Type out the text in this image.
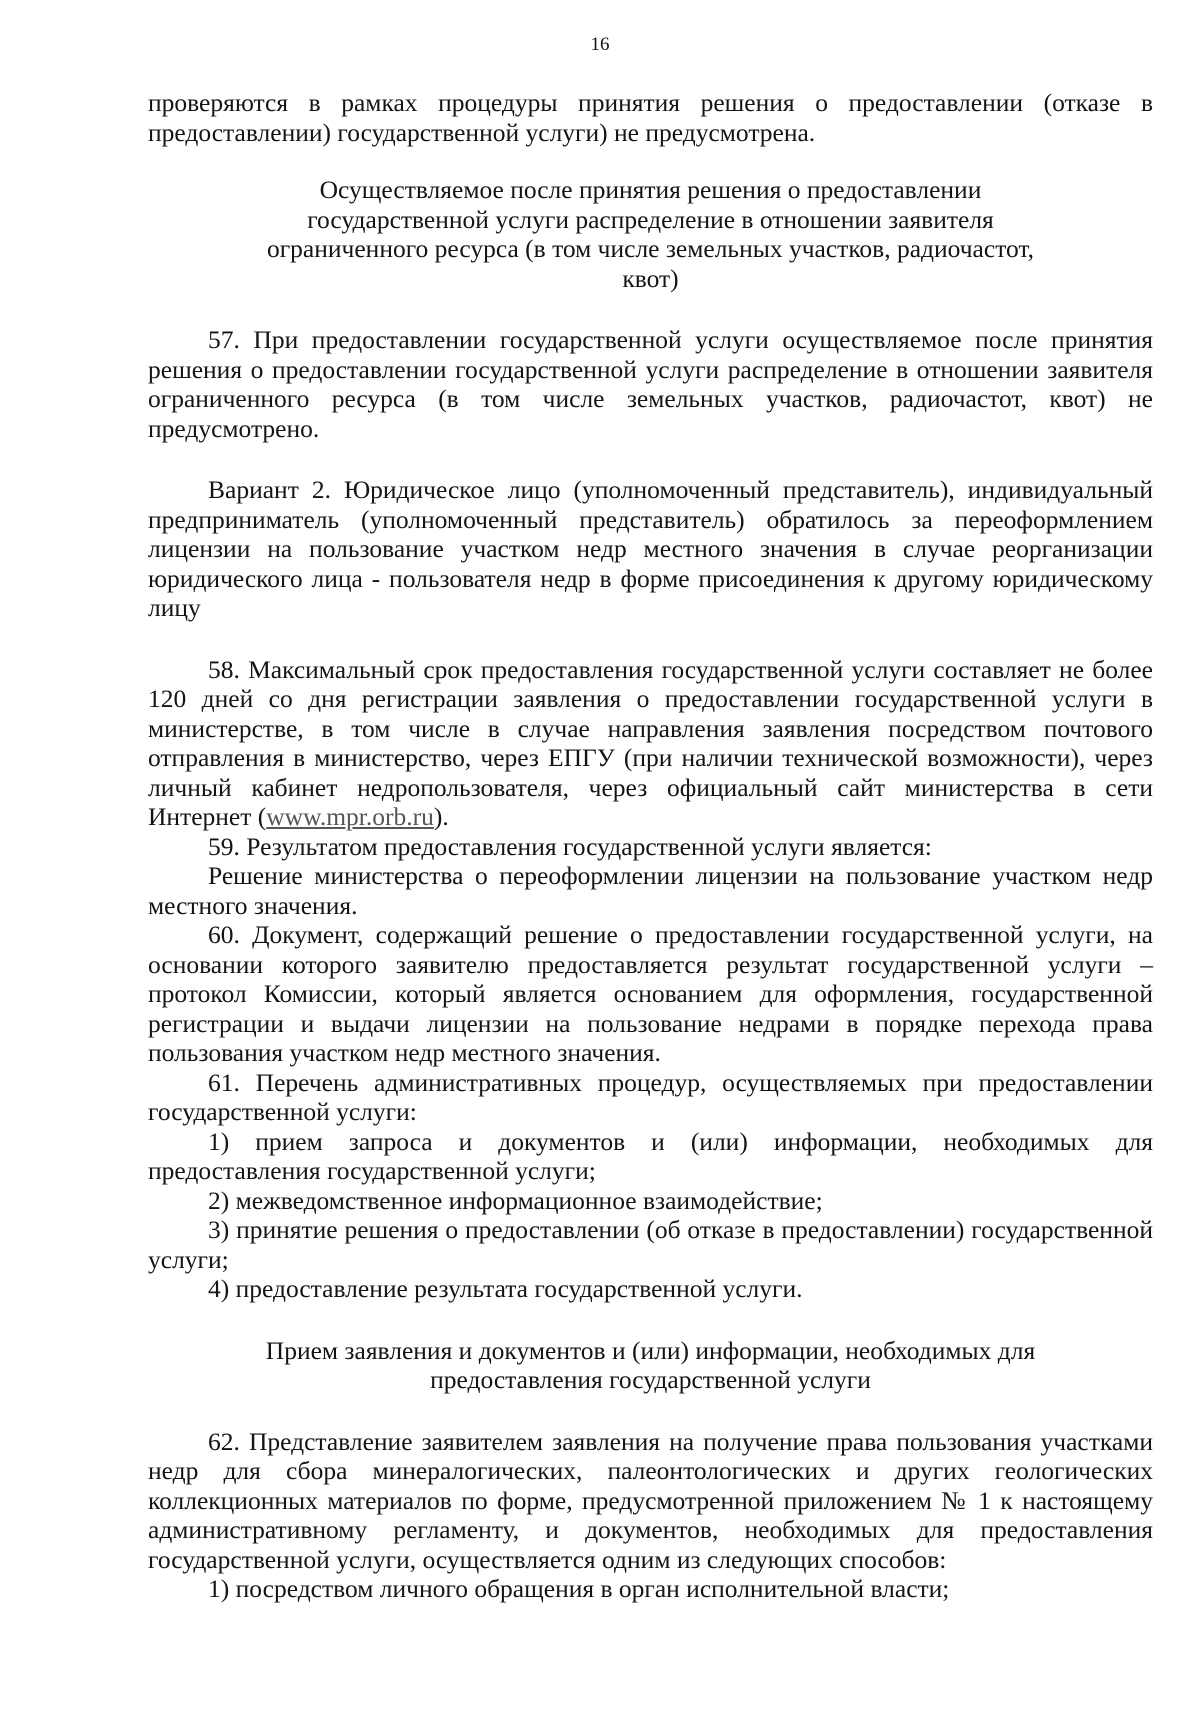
16

проверяются в рамках процедуры принятия решения о предоставлении (отказе в предоставлении) государственной услуги) не предусмотрена.

Осуществляемое после принятия решения о предоставлении государственной услуги распределение в отношении заявителя ограниченного ресурса (в том числе земельных участков, радиочастот, квот)

57. При предоставлении государственной услуги осуществляемое после принятия решения о предоставлении государственной услуги распределение в отношении заявителя ограниченного ресурса (в том числе земельных участков, радиочастот, квот) не предусмотрено.

Вариант 2. Юридическое лицо (уполномоченный представитель), индивидуальный предприниматель (уполномоченный представитель) обратилось за переоформлением лицензии на пользование участком недр местного значения в случае реорганизации юридического лица - пользователя недр в форме присоединения к другому юридическому лицу

58. Максимальный срок предоставления государственной услуги составляет не более 120 дней со дня регистрации заявления о предоставлении государственной услуги в министерстве, в том числе в случае направления заявления посредством почтового отправления в министерство, через ЕПГУ (при наличии технической возможности), через личный кабинет недропользователя, через официальный сайт министерства в сети Интернет (www.mpr.orb.ru).

59. Результатом предоставления государственной услуги является:

Решение министерства о переоформлении лицензии на пользование участком недр местного значения.

60. Документ, содержащий решение о предоставлении государственной услуги, на основании которого заявителю предоставляется результат государственной услуги – протокол Комиссии, который является основанием для оформления, государственной регистрации и выдачи лицензии на пользование недрами в порядке перехода права пользования участком недр местного значения.

61. Перечень административных процедур, осуществляемых при предоставлении государственной услуги:

1) прием запроса и документов и (или) информации, необходимых для предоставления государственной услуги;

2) межведомственное информационное взаимодействие;

3) принятие решения о предоставлении (об отказе в предоставлении) государственной услуги;

4) предоставление результата государственной услуги.

Прием заявления и документов и (или) информации, необходимых для предоставления государственной услуги

62. Представление заявителем заявления на получение права пользования участками недр для сбора минералогических, палеонтологических и других геологических коллекционных материалов по форме, предусмотренной приложением № 1 к настоящему административному регламенту, и документов, необходимых для предоставления государственной услуги, осуществляется одним из следующих способов:

1) посредством личного обращения в орган исполнительной власти;
